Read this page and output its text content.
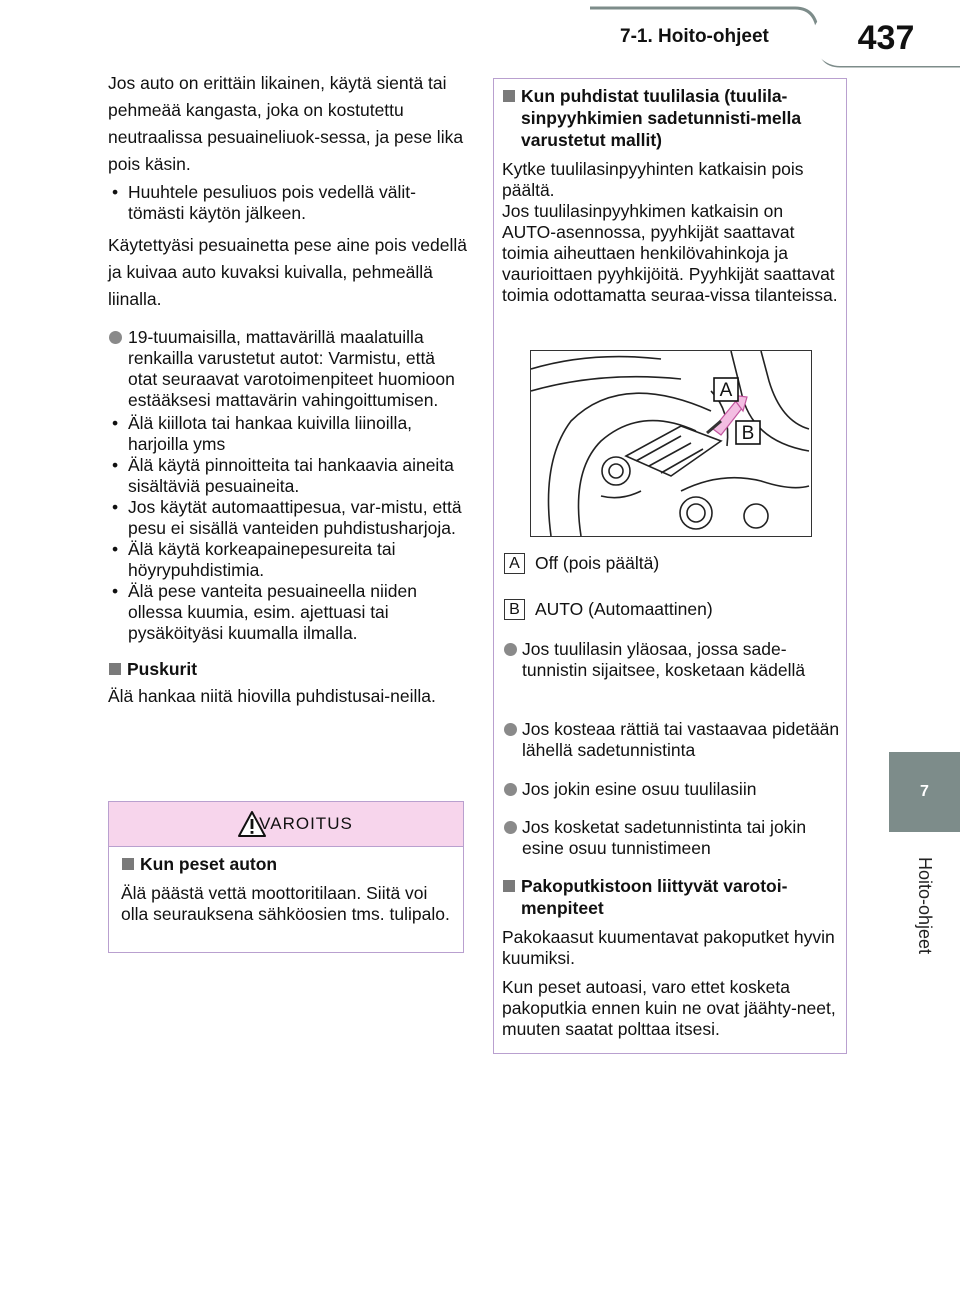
7-1. Hoito-ohjeet	437
7
Hoito-ohjeet

Jos auto on erittäin likainen, käytä sientä tai pehmeää kangasta, joka on kostutettu neutraalissa pesuaineliuok-sessa, ja pese lika pois käsin.

• Huuhtele pesuliuos pois vedellä välit-tömästi käytön jälkeen.

Käytettyäsi pesuainetta pese aine pois vedellä ja kuivaa auto kuvaksi kuivalla, pehmeällä liinalla.

19-tuumaisilla, mattavärillä maalatuilla renkailla varustetut autot: Varmistu, että otat seuraavat varotoimenpiteet huomioon estääksesi mattavärin vahingoittumisen.
• Älä kiillota tai hankaa kuivilla liinoilla, harjoilla yms
• Älä käytä pinnoitteita tai hankaavia aineita sisältäviä pesuaineita.
• Jos käytät automaattipesua, var-mistu, että pesu ei sisällä vanteiden puhdistusharjoja.
• Älä käytä korkeapainepesureita tai höyrypuhdistimia.
• Älä pese vanteita pesuaineella niiden ollessa kuumia, esim. ajettuasi tai pysäköityäsi kuumalla ilmalla.
Puskurit

Älä hankaa niitä hiovilla puhdistusai-neilla.

VAROITUS
Kun peset auton

Älä päästä vettä moottoritilaan. Siitä voi olla seurauksena sähköosien tms. tulipalo.

Kun puhdistat tuulilasia (tuulila-sinpyyhkimien sadetunnisti-mella varustetut mallit)

Kytke tuulilasinpyyhinten katkaisin pois päältä.

Jos tuulilasinpyyhkimen katkaisin on AUTO-asennossa, pyyhkijät saattavat toimia aiheuttaen henkilövahinkoja ja vaurioittaen pyyhkijöitä. Pyyhkijät saattavat toimia odottamatta seuraa-vissa tilanteissa.

A
B
A Off (pois päältä)
B AUTO (Automaattinen)
Jos tuulilasin yläosaa, jossa sade-tunnistin sijaitsee, kosketaan kädellä
Jos kosteaa rättiä tai vastaavaa pidetään lähellä sadetunnistinta
Jos jokin esine osuu tuulilasiin
Jos kosketat sadetunnistinta tai jokin esine osuu tunnistimeen
Pakoputkistoon liittyvät varotoi-menpiteet

Pakokaasut kuumentavat pakoputket hyvin kuumiksi.

Kun peset autoasi, varo ettet kosketa pakoputkia ennen kuin ne ovat jäähty-neet, muuten saatat polttaa itsesi.
